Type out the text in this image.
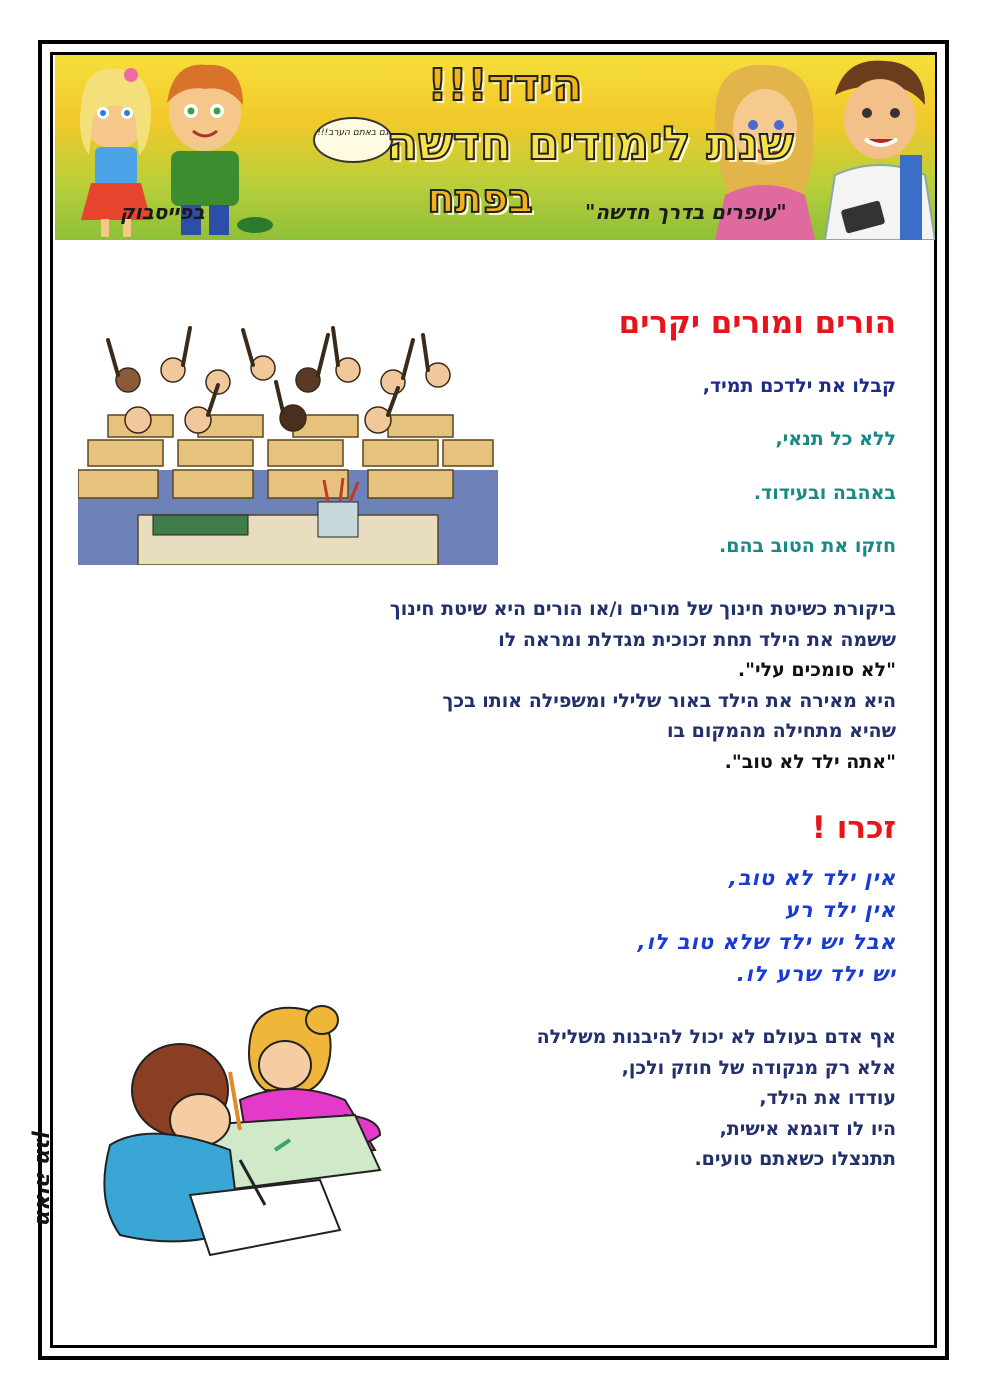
גם באתם הערב!!!
הידד!!!
שנת לימודים חדשה
בפתח	"עופרים בדרך חדשה"
בפייסבוק
הורים ומורים יקרים
קבלו את ילדכם תמיד,
ללא כל תנאי,
באהבה ובעידוד.
חזקו את הטוב בהם.
ביקורת כשיטת חינוך של מורים ו/או הורים היא שיטת חינוך
ששמה את הילד תחת זכוכית מגדלת ומראה לו
"לא סומכים עלי".
היא מאירה את הילד באור שלילי ומשפילה אותו בכך
שהיא מתחילה מהמקום בו
"אתה ילד לא טוב".
זכרו !
אין ילד לא טוב,
אין ילד רע
אבל יש ילד שלא טוב לו,
יש ילד שרע לו.
אף אדם בעולם לא יכול להיבנות משלילה
אלא רק מנקודה של חוזק ולכן,
עודדו את הילד,
היו לו דוגמא אישית,
תתנצלו כשאתם טועים.
מאיה מגן
